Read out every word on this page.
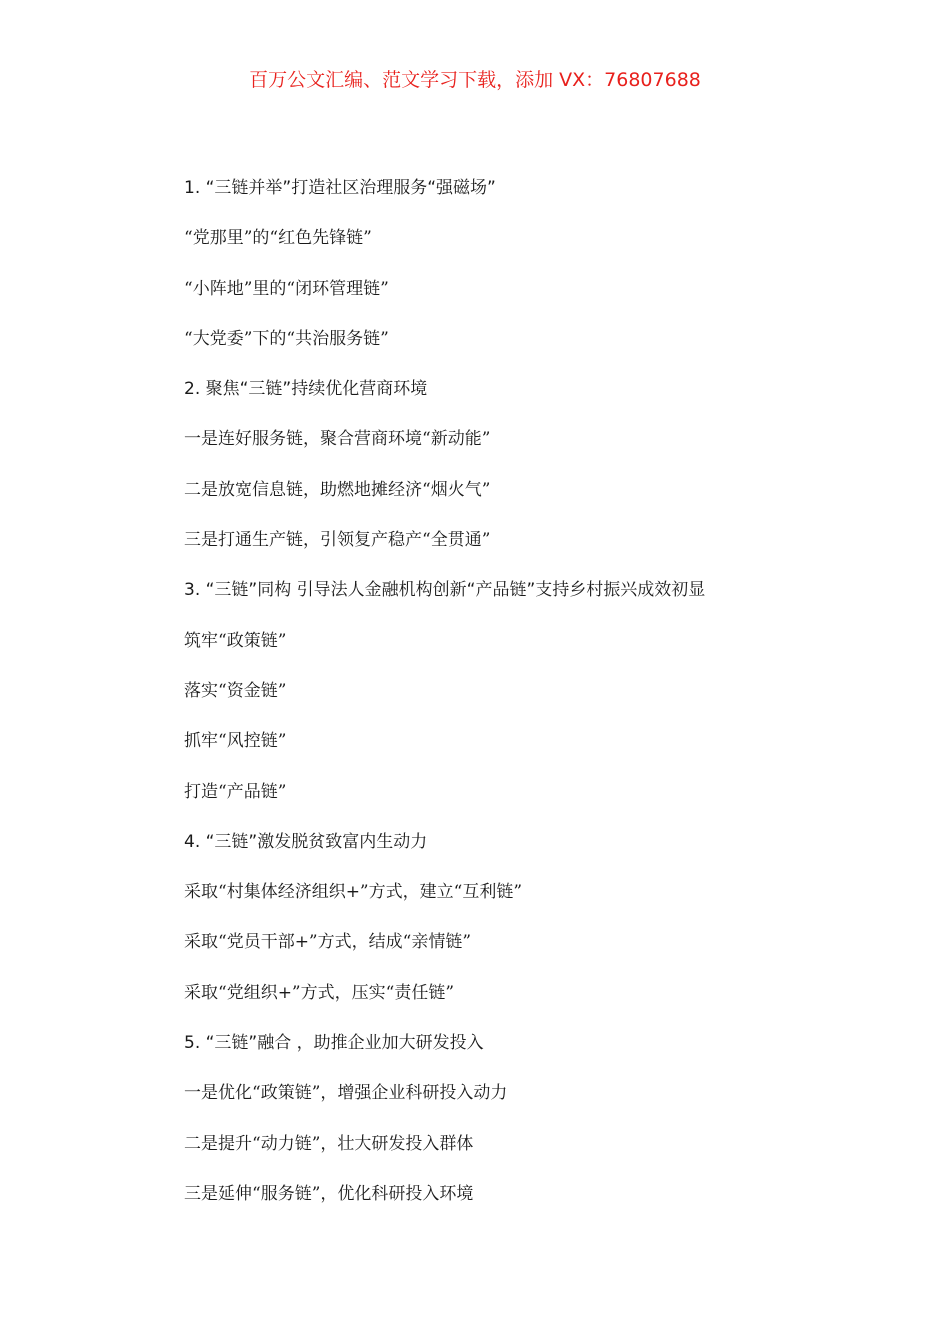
百万公文汇编、范文学习下载，添加 VX：76807688
1. “三链并举”打造社区治理服务“强磁场”
“党那里”的“红色先锋链”
“小阵地”里的“闭环管理链”
“大党委”下的“共治服务链”
2. 聚焦“三链”持续优化营商环境
一是连好服务链，聚合营商环境“新动能”
二是放宽信息链，助燃地摊经济“烟火气”
三是打通生产链，引领复产稳产“全贯通”
3. “三链”同构 引导法人金融机构创新“产品链”支持乡村振兴成效初显
筑牢“政策链”
落实“资金链”
抓牢“风控链”
打造“产品链”
4. “三链”激发脱贫致富内生动力
采取“村集体经济组织+”方式，建立“互利链”
采取“党员干部+”方式，结成“亲情链”
采取“党组织+”方式，压实“责任链”
5. “三链”融合 ，助推企业加大研发投入
一是优化“政策链”，增强企业科研投入动力
二是提升“动力链”，壮大研发投入群体
三是延伸“服务链”，优化科研投入环境
